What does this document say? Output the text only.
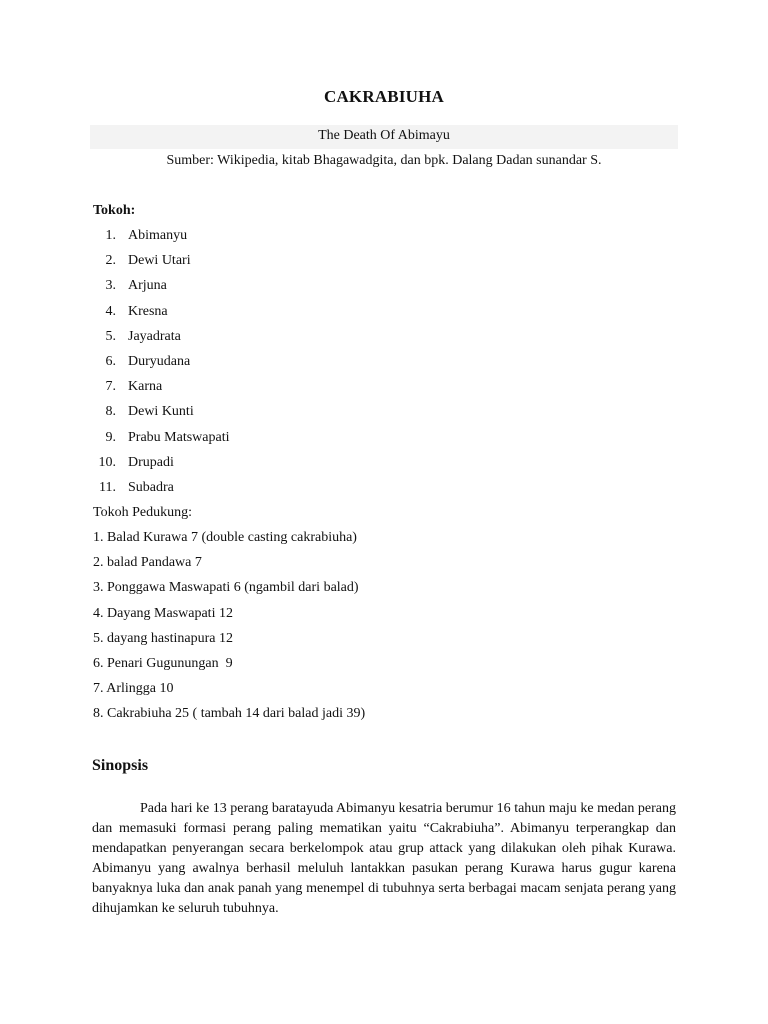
CAKRABIUHA
The Death Of Abimayu
Sumber: Wikipedia, kitab Bhagawadgita, dan bpk. Dalang Dadan sunandar S.
Tokoh:
1. Abimanyu
2. Dewi Utari
3. Arjuna
4. Kresna
5. Jayadrata
6. Duryudana
7. Karna
8. Dewi Kunti
9. Prabu Matswapati
10. Drupadi
11. Subadra
Tokoh Pedukung:
1. Balad Kurawa 7 (double casting cakrabiuha)
2. balad Pandawa 7
3. Ponggawa Maswapati 6 (ngambil dari balad)
4. Dayang Maswapati 12
5. dayang hastinapura 12
6. Penari Gugunungan  9
7. Arlingga 10
8. Cakrabiuha 25 ( tambah 14 dari balad jadi 39)
Sinopsis

Pada hari ke 13 perang baratayuda Abimanyu kesatria berumur 16 tahun maju ke medan perang dan memasuki formasi perang paling mematikan yaitu “Cakrabiuha”. Abimanyu terperangkap dan mendapatkan penyerangan secara berkelompok atau grup attack yang dilakukan oleh pihak Kurawa. Abimanyu yang awalnya berhasil meluluh lantakkan pasukan perang Kurawa harus gugur karena banyaknya luka dan anak panah yang menempel di tubuhnya serta berbagai macam senjata perang yang dihujamkan ke seluruh tubuhnya.
